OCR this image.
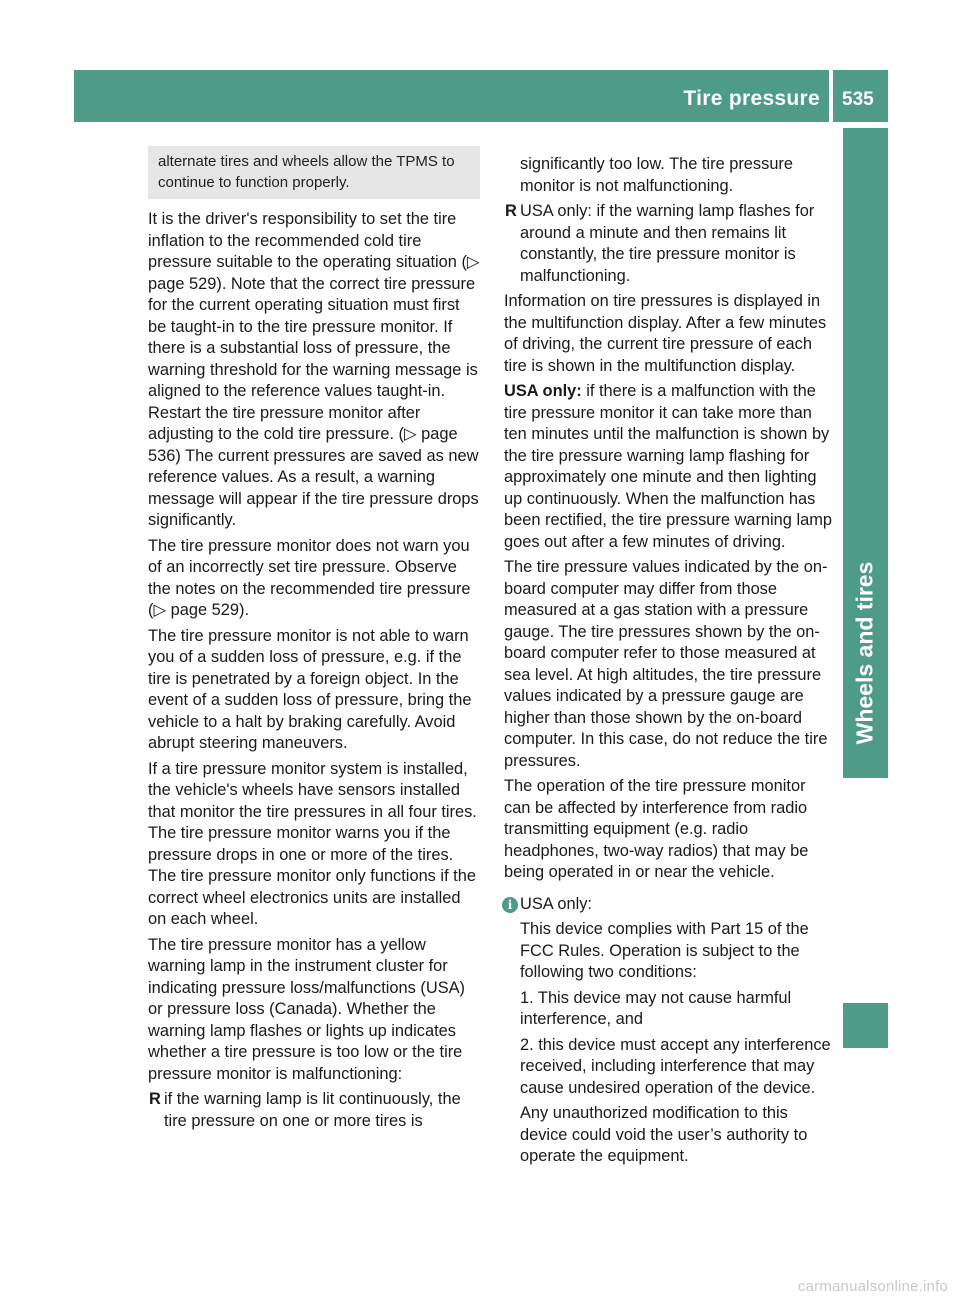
Tire pressure 535
Wheels and tires
alternate tires and wheels allow the TPMS to continue to function properly.

It is the driver's responsibility to set the tire inflation to the recommended cold tire pressure suitable to the operating situation (▷ page 529). Note that the correct tire pressure for the current operating situation must first be taught-in to the tire pressure monitor. If there is a substantial loss of pressure, the warning threshold for the warning message is aligned to the reference values taught-in. Restart the tire pressure monitor after adjusting to the cold tire pressure. (▷ page 536) The current pressures are saved as new reference values. As a result, a warning message will appear if the tire pressure drops significantly.

The tire pressure monitor does not warn you of an incorrectly set tire pressure. Observe the notes on the recommended tire pressure (▷ page 529).

The tire pressure monitor is not able to warn you of a sudden loss of pressure, e.g. if the tire is penetrated by a foreign object. In the event of a sudden loss of pressure, bring the vehicle to a halt by braking carefully. Avoid abrupt steering maneuvers.

If a tire pressure monitor system is installed, the vehicle's wheels have sensors installed that monitor the tire pressures in all four tires. The tire pressure monitor warns you if the pressure drops in one or more of the tires. The tire pressure monitor only functions if the correct wheel electronics units are installed on each wheel.

The tire pressure monitor has a yellow warning lamp in the instrument cluster for indicating pressure loss/malfunctions (USA) or pressure loss (Canada). Whether the warning lamp flashes or lights up indicates whether a tire pressure is too low or the tire pressure monitor is malfunctioning:

R if the warning lamp is lit continuously, the tire pressure on one or more tires is
significantly too low. The tire pressure monitor is not malfunctioning.
R USA only: if the warning lamp flashes for around a minute and then remains lit constantly, the tire pressure monitor is malfunctioning.

Information on tire pressures is displayed in the multifunction display. After a few minutes of driving, the current tire pressure of each tire is shown in the multifunction display.

USA only: if there is a malfunction with the tire pressure monitor it can take more than ten minutes until the malfunction is shown by the tire pressure warning lamp flashing for approximately one minute and then lighting up continuously. When the malfunction has been rectified, the tire pressure warning lamp goes out after a few minutes of driving.

The tire pressure values indicated by the on-board computer may differ from those measured at a gas station with a pressure gauge. The tire pressures shown by the on-board computer refer to those measured at sea level. At high altitudes, the tire pressure values indicated by a pressure gauge are higher than those shown by the on-board computer. In this case, do not reduce the tire pressures.

The operation of the tire pressure monitor can be affected by interference from radio transmitting equipment (e.g. radio headphones, two-way radios) that may be being operated in or near the vehicle.

i USA only:

This device complies with Part 15 of the FCC Rules. Operation is subject to the following two conditions:

1. This device may not cause harmful interference, and

2. this device must accept any interference received, including interference that may cause undesired operation of the device.

Any unauthorized modification to this device could void the user’s authority to operate the equipment.

carmanualsonline.info
